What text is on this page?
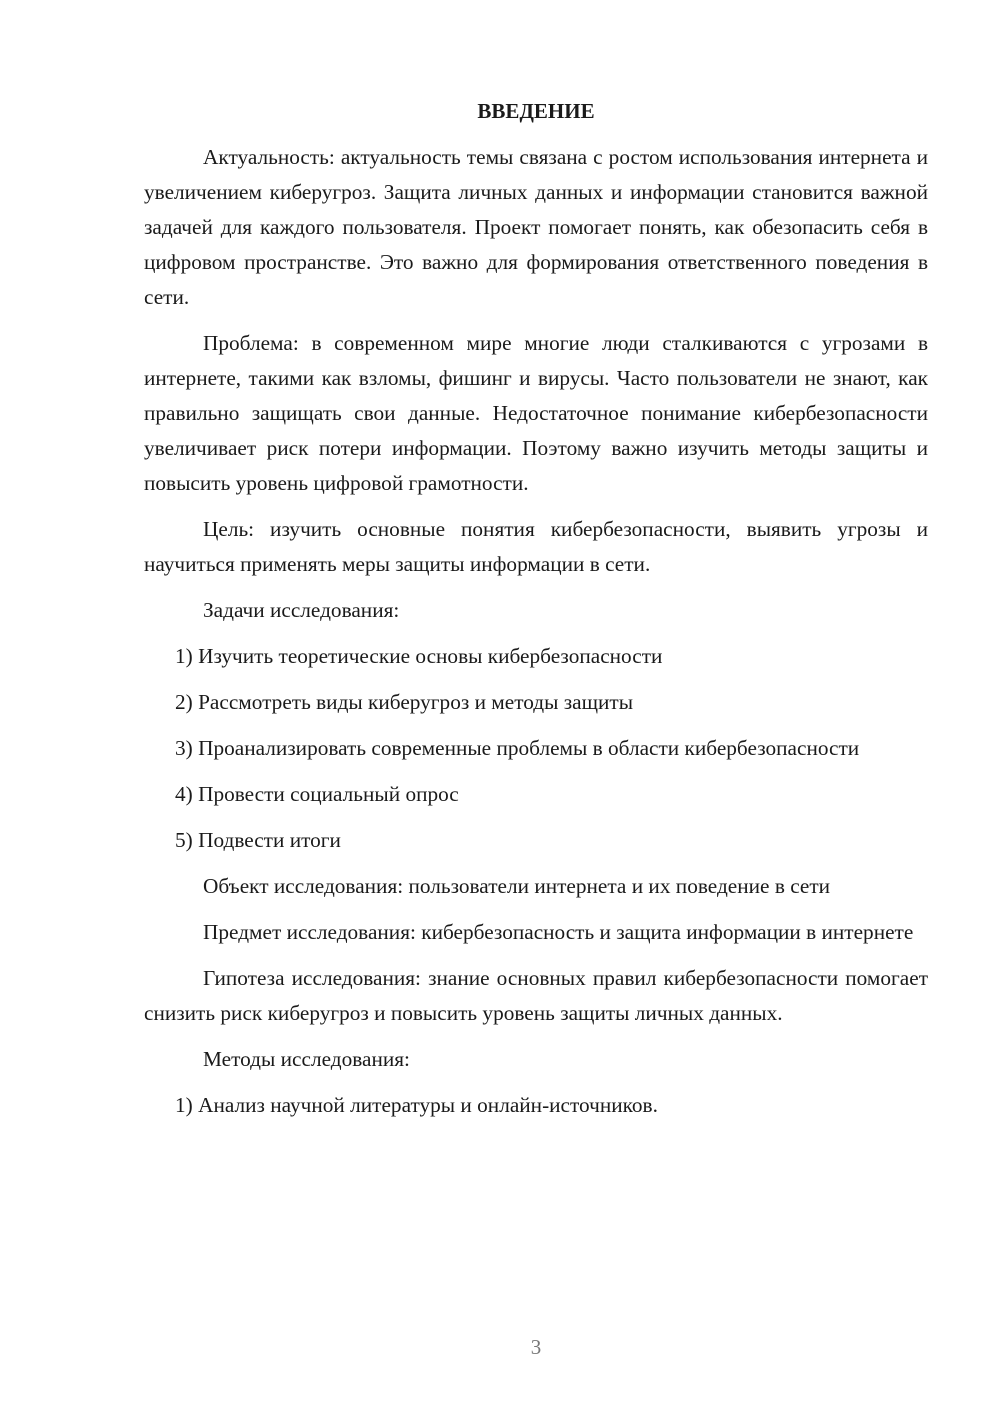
ВВЕДЕНИЕ

Актуальность: актуальность темы связана с ростом использования интернета и увеличением киберугроз. Защита личных данных и информации становится важной задачей для каждого пользователя. Проект помогает понять, как обезопасить себя в цифровом пространстве. Это важно для формирования ответственного поведения в сети.

Проблема: в современном мире многие люди сталкиваются с угрозами в интернете, такими как взломы, фишинг и вирусы. Часто пользователи не знают, как правильно защищать свои данные. Недостаточное понимание кибербезопасности увеличивает риск потери информации. Поэтому важно изучить методы защиты и повысить уровень цифровой грамотности.

Цель: изучить основные понятия кибербезопасности, выявить угрозы и научиться применять меры защиты информации в сети.

Задачи исследования:

1) Изучить теоретические основы кибербезопасности

2) Рассмотреть виды киберугроз и методы защиты

3) Проанализировать современные проблемы в области кибербезопасности

4) Провести социальный опрос

5) Подвести итоги

Объект исследования: пользователи интернета и их поведение в сети

Предмет исследования: кибербезопасность и защита информации в интернете

Гипотеза исследования: знание основных правил кибербезопасности помогает снизить риск киберугроз и повысить уровень защиты личных данных.

Методы исследования:

1) Анализ научной литературы и онлайн-источников.

3
